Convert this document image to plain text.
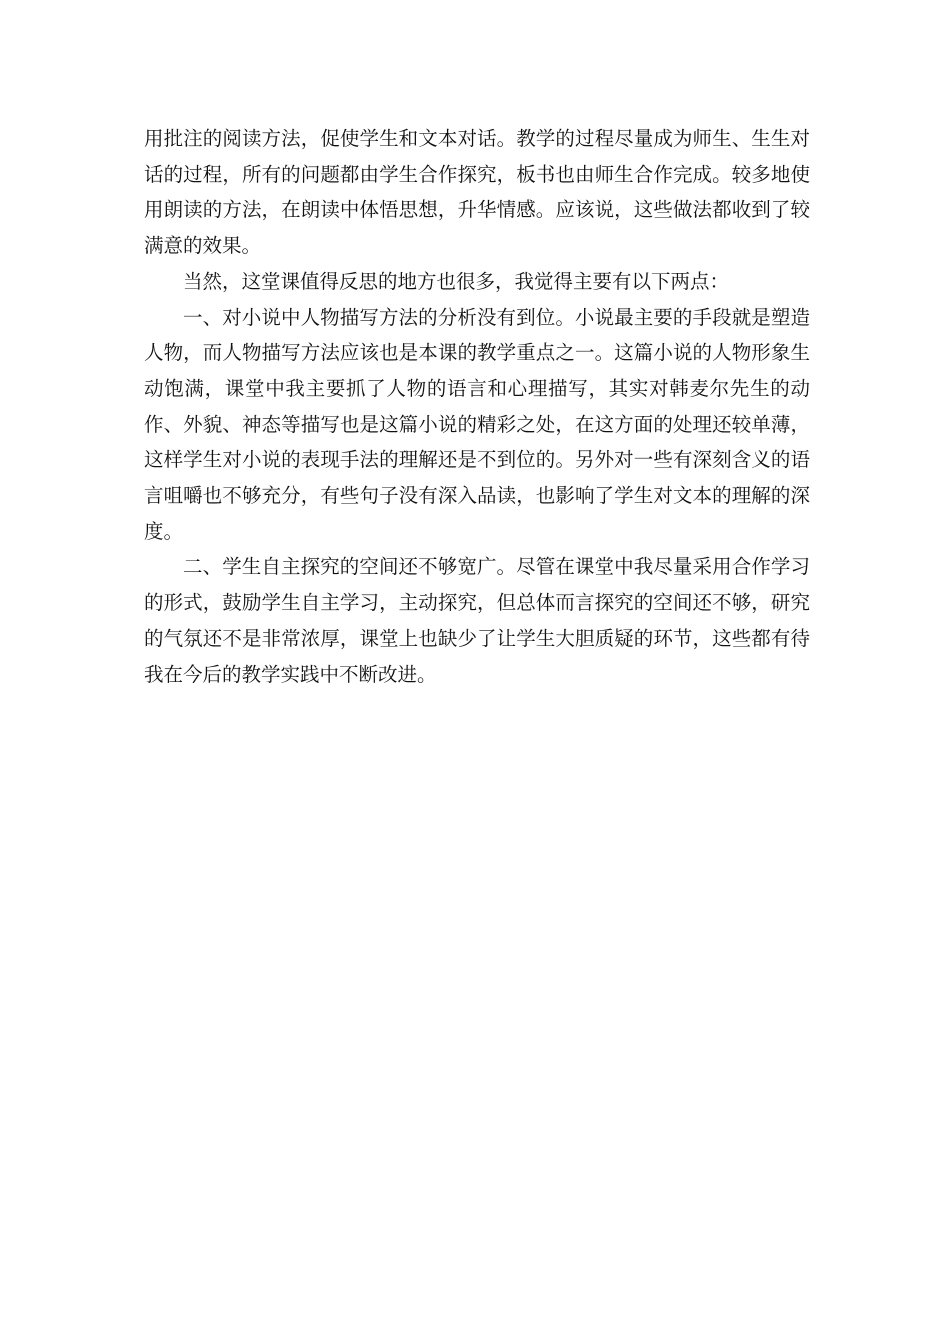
用批注的阅读方法，促使学生和文本对话。教学的过程尽量成为师生、生生对话的过程，所有的问题都由学生合作探究，板书也由师生合作完成。较多地使用朗读的方法，在朗读中体悟思想，升华情感。应该说，这些做法都收到了较满意的效果。

当然，这堂课值得反思的地方也很多，我觉得主要有以下两点：

一、对小说中人物描写方法的分析没有到位。小说最主要的手段就是塑造人物，而人物描写方法应该也是本课的教学重点之一。这篇小说的人物形象生动饱满，课堂中我主要抓了人物的语言和心理描写，其实对韩麦尔先生的动作、外貌、神态等描写也是这篇小说的精彩之处，在这方面的处理还较单薄，这样学生对小说的表现手法的理解还是不到位的。另外对一些有深刻含义的语言咀嚼也不够充分，有些句子没有深入品读，也影响了学生对文本的理解的深度。

二、学生自主探究的空间还不够宽广。尽管在课堂中我尽量采用合作学习的形式，鼓励学生自主学习，主动探究，但总体而言探究的空间还不够，研究的气氛还不是非常浓厚，课堂上也缺少了让学生大胆质疑的环节，这些都有待我在今后的教学实践中不断改进。
